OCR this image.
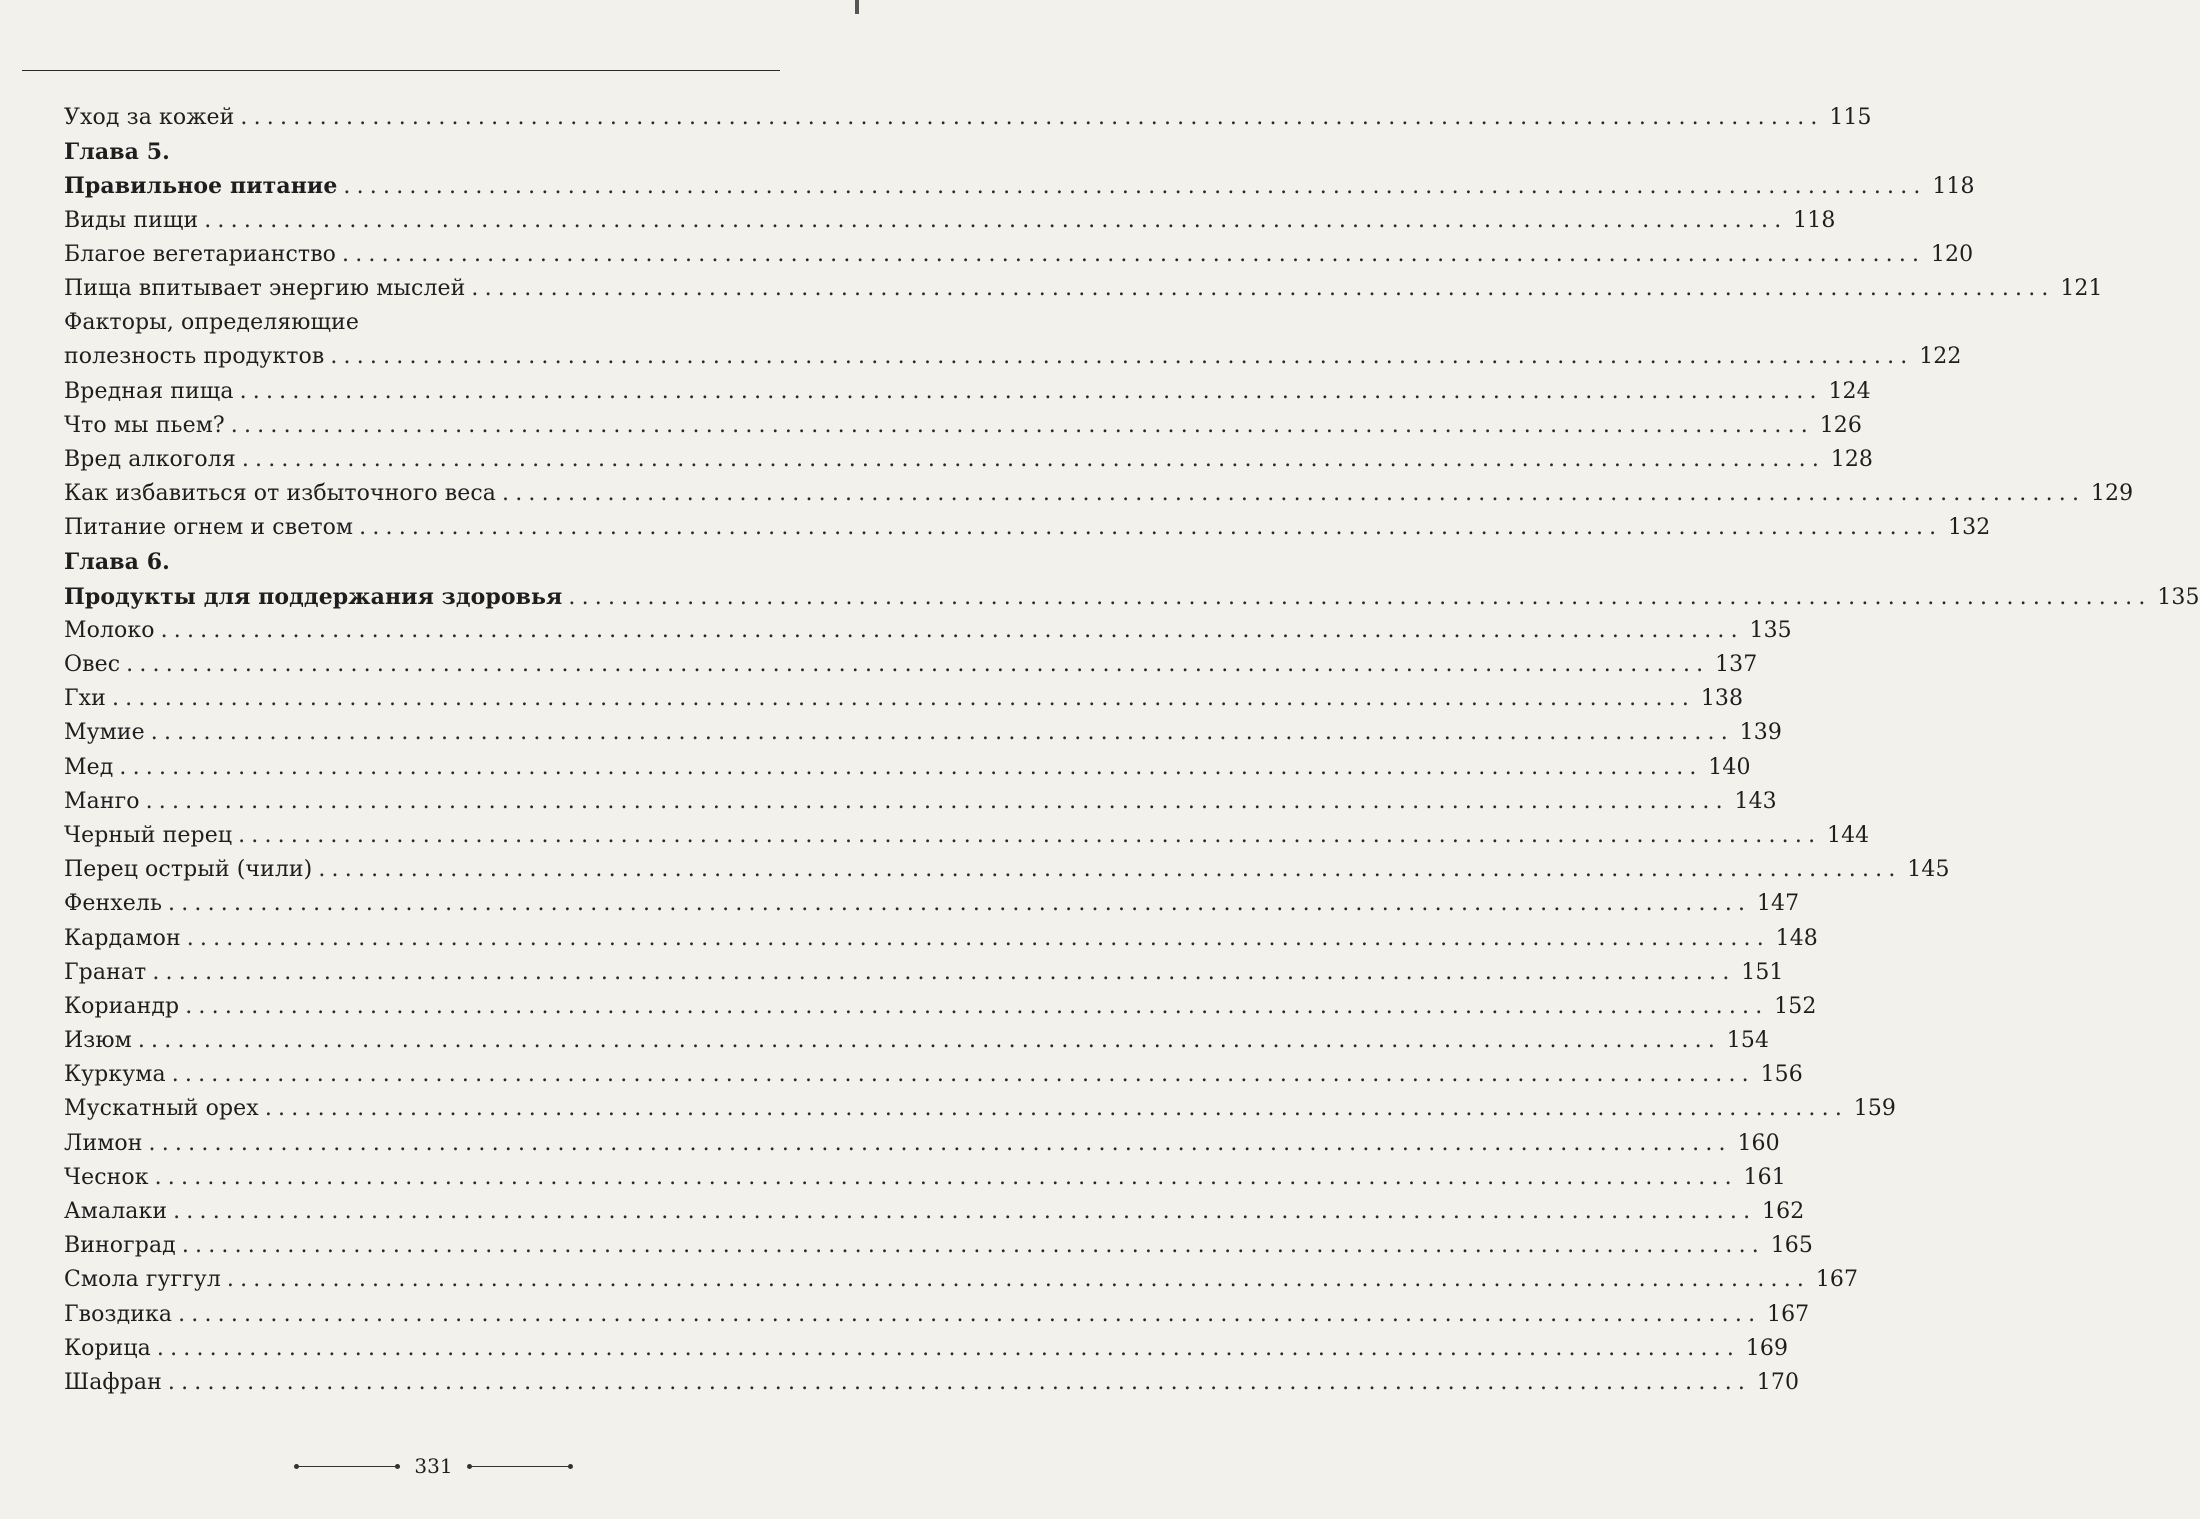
Уход за кожей ........................................................................................................................ 115
Глава 5.
Правильное питание ........................................................................................................................ 118
Виды пищи ........................................................................................................................ 118
Благое вегетарианство ........................................................................................................................ 120
Пища впитывает энергию мыслей ........................................................................................................................ 121
Факторы, определяющие
полезность продуктов ........................................................................................................................ 122
Вредная пища ........................................................................................................................ 124
Что мы пьем? ........................................................................................................................ 126
Вред алкоголя ........................................................................................................................ 128
Как избавиться от избыточного веса ........................................................................................................................ 129
Питание огнем и светом ........................................................................................................................ 132
Глава 6.
Продукты для поддержания здоровья ........................................................................................................................ 135
Молоко ........................................................................................................................ 135
Овес ........................................................................................................................ 137
Гхи ........................................................................................................................ 138
Мумие ........................................................................................................................ 139
Мед ........................................................................................................................ 140
Манго ........................................................................................................................ 143
Черный перец ........................................................................................................................ 144
Перец острый (чили) ........................................................................................................................ 145
Фенхель ........................................................................................................................ 147
Кардамон ........................................................................................................................ 148
Гранат ........................................................................................................................ 151
Кориандр ........................................................................................................................ 152
Изюм ........................................................................................................................ 154
Куркума ........................................................................................................................ 156
Мускатный орех ........................................................................................................................ 159
Лимон ........................................................................................................................ 160
Чеснок ........................................................................................................................ 161
Амалаки ........................................................................................................................ 162
Виноград ........................................................................................................................ 165
Смола гуггул ........................................................................................................................ 167
Гвоздика ........................................................................................................................ 167
Корица ........................................................................................................................ 169
Шафран ........................................................................................................................ 170
331
